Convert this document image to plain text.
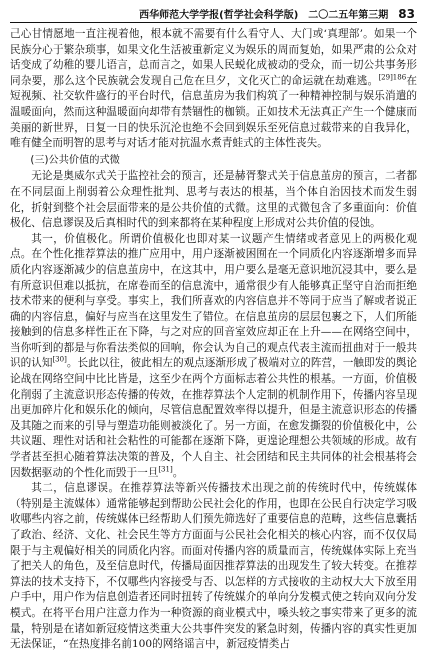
西华师范大学学报(哲学社会科学版) 二〇二五年第三期 83

己心甘情愿地一直注视着他，根本就不需要有什么看守人、大门或‘真理部’。如果一个民族分心于繁杂琐事，如果文化生活被重新定义为娱乐的周而复始，如果严肃的公众对话变成了幼稚的婴儿语言，总而言之，如果人民蜕化成被动的受众，而一切公共事务形同杂要，那么这个民族就会发现自己危在旦夕，文化灭亡的命运就在劫难逃。$^{[29]186}$在短视频、社交软件盛行的平台时代，信息茧房为我们构筑了一种精神控制与娱乐消遣的温暖面向，然而这种温暖面向却带有禁锢性的枷锁。正如技术无法真正产生一个健康而美丽的新世界，日复一日的快乐沉沦也绝不会回到娱乐至死信息过载带来的自我异化，唯有健全而明智的思考与对话才能对抗温水煮青蛙式的主体性丧失。

(三)公共价值的式微

无论是奥威尔式关于监控社会的预言，还是赫胥黎式关于信息茧房的预言，二者都在不同层面上削弱着公众理性批判、思考与表达的根基，当个体自治因技术而发生弱化，折射到整个社会层面带来的是公共价值的式微。这里的式微包含了多重面向：价值极化、信息谬误及后真相时代的到来都将在某种程度上形成对公共价值的侵蚀。

其一，价值极化。所谓价值极化也即对某一议题产生情绪或者意见上的两极化观点。在个性化推荐算法的推广应用中，用户逐渐被困囿在一个同质化内容逐渐增多而异质化内容逐渐减少的信息茧房中，在这其中，用户要么是毫无意识地沉浸其中，要么是有所意识但难以抵抗，在席卷而至的信息流中，通常很少有人能够真正坚守自治而拒绝技术带来的便利与享受。事实上，我们所喜欢的内容信息并不等同于应当了解或者说正确的内容信息，偏好与应当在这里发生了错位。在信息茧房的层层包裹之下，人们所能接触到的信息多样性正在下降，与之对应的回音室效应却正在上升——在网络空间中，当你听到的都是与你看法类似的回响，你会认为自己的观点代表主流而扭曲对于一般共识的认知[30]。长此以往，彼此相左的观点逐渐形成了极端对立的阵营，一触即发的舆论论战在网络空间中比比皆是，这至少在两个方面标志着公共性的根基。一方面，价值极化削弱了主流意识形态传播的传效，在推荐算法个人定制的机制作用下，传播内容呈现出更加碎片化和娱乐化的倾向，尽管信息配置效率得以提升，但是主流意识形态的传播及其随之而来的引导与塑造功能则被淡化了。另一方面，在愈发撕裂的价值极化中，公共议题、理性对话和社会粘性的可能都在逐渐下降，更遑论理想公共领域的形成。故有学者甚至担心随着算法决策的普及，个人自主、社会团结和民主共同体的社会根基将会因数据驱动的个性化而毁于一旦[31]。

其二，信息谬误。在推荐算法等新兴传播技术出现之前的传统时代中，传统媒体（特别是主流媒体）通常能够起到帮助公民社会化的作用，也即在公民自行决定学习吸收哪些内容之前，传统媒体已经帮助人们预先筛选好了重要信息的范畴，这些信息囊括了政治、经济、文化、社会民生等方方面面与公民社会化相关的核心内容，而不仅仅局限于与主观偏好相关的同质化内容。而面对传播内容的质量而言，传统媒体实际上充当了把关人的角色，及至信息时代，传播局面因推荐算法的出现发生了较大转变。在推荐算法的技术支持下，不仅哪些内容接受与否、以怎样的方式接收的主动权大大下放至用户手中，用户作为信息创造者还同时扭转了传统媒介的单向分发模式使之转向双向分发模式。在将平台用户注意力作为一种资源的商业模式中，嗓头较之事实带来了更多的流量，特别是在诸如新冠疫情这类重大公共事件突发的紧急时刻，传播内容的真实性更加无法保证，“在热度排名前100的网络谣言中，新冠疫情类占
